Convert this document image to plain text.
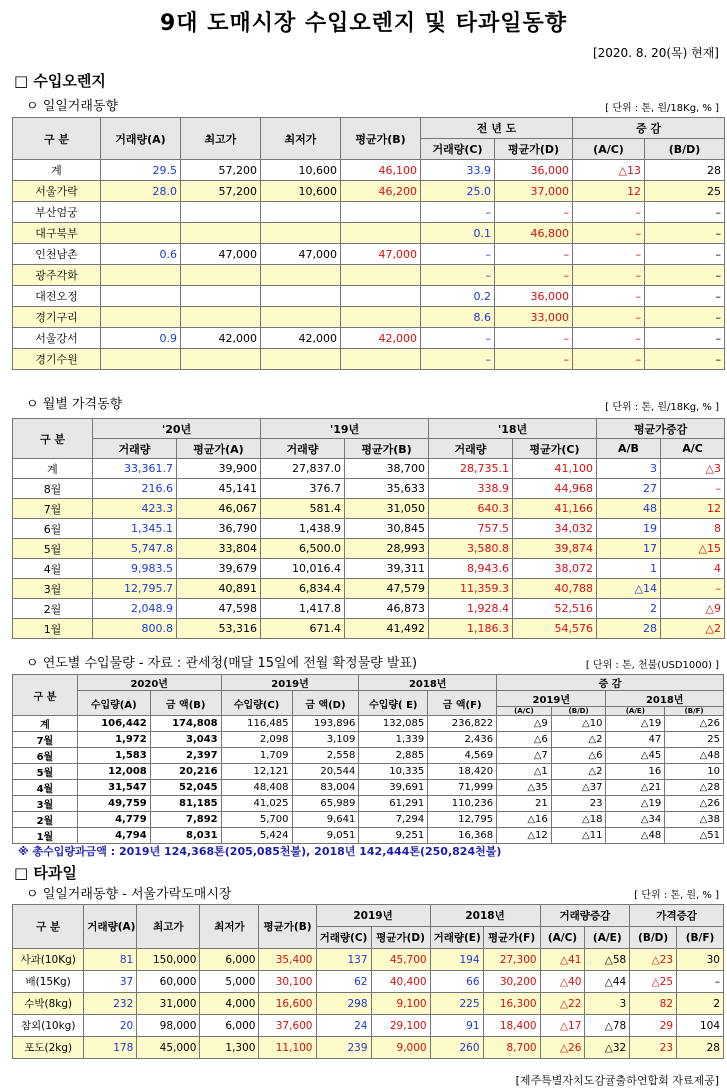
9대 도매시장 수입오렌지 및 타과일동향
[2020. 8. 20(목) 현재]
□ 수입오렌지
ㅇ 일일거래동향	[ 단위 : 톤, 원/18Kg, % ]
구 분	거래량(A)	최고가	최저가	평균가(B)	전 년 도		증 감	
					거래량(C)	평균가(D)	(A/C)	(B/D)
계	29.5	57,200	10,600	46,100	33.9	36,000	△13	28
서울가락	28.0	57,200	10,600	46,200	25.0	37,000	12	25
부산엄궁					–	–	–	–
대구북부					0.1	46,800	–	–
인천남촌	0.6	47,000	47,000	47,000	–	–	–	–
광주각화					–	–	–	–
대전오정					0.2	36,000	–	–
경기구리					8.6	33,000	–	–
서울강서	0.9	42,000	42,000	42,000	–	–	–	–
경기수원					–	–	–	–
ㅇ 월별 가격동향	[ 단위 : 톤, 원/18Kg, % ]
구 분	'20년		'19년		'18년		평균가증감	
	거래량	평균가(A)	거래량	평균가(B)	거래량	평균가(C)	A/B	A/C
계	33,361.7	39,900	27,837.0	38,700	28,735.1	41,100	3	△3
8월	216.6	45,141	376.7	35,633	338.9	44,968	27	–
7월	423.3	46,067	581.4	31,050	640.3	41,166	48	12
6월	1,345.1	36,790	1,438.9	30,845	757.5	34,032	19	8
5월	5,747.8	33,804	6,500.0	28,993	3,580.8	39,874	17	△15
4월	9,983.5	39,679	10,016.4	39,311	8,943.6	38,072	1	4
3월	12,795.7	40,891	6,834.4	47,579	11,359.3	40,788	△14	–
2월	2,048.9	47,598	1,417.8	46,873	1,928.4	52,516	2	△9
1월	800.8	53,316	671.4	41,492	1,186.3	54,576	28	△2
ㅇ 연도별 수입물량 - 자료 : 관세청(매달 15일에 전월 확정물량 발표)	[ 단위 : 톤, 천불(USD1000) ]
구 분	2020년		2019년		2018년		증 감			
	수입량(A)	금 액(B)	수입량(C)	금 액(D)	수입량( E)	금 액(F)	2019년		2018년	
							(A/C)	(B/D)	(A/E)	(B/F)
계	106,442	174,808	116,485	193,896	132,085	236,822	△9	△10	△19	△26
7월	1,972	3,043	2,098	3,109	1,339	2,436	△6	△2	47	25
6월	1,583	2,397	1,709	2,558	2,885	4,569	△7	△6	△45	△48
5월	12,008	20,216	12,121	20,544	10,335	18,420	△1	△2	16	10
4월	31,547	52,045	48,408	83,004	39,691	71,999	△35	△37	△21	△28
3월	49,759	81,185	41,025	65,989	61,291	110,236	21	23	△19	△26
2월	4,779	7,892	5,700	9,641	7,294	12,795	△16	△18	△34	△38
1월	4,794	8,031	5,424	9,051	9,251	16,368	△12	△11	△48	△51
※ 총수입량과금액 : 2019년 124,368톤(205,085천불), 2018년 142,444톤(250,824천불)
□ 타과일
ㅇ 일일거래동향 - 서울가락도매시장	[ 단위 : 톤, 원, % ]
구 분	거래량(A)	최고가	최저가	평균가(B)	2019년		2018년		거래량증감		가격증감	
					거래량(C)	평균가(D)	거래량(E)	평균가(F)	(A/C)	(A/E)	(B/D)	(B/F)
사과(10Kg)	81	150,000	6,000	35,400	137	45,700	194	27,300	△41	△58	△23	30
배(15Kg)	37	60,000	5,000	30,100	62	40,400	66	30,200	△40	△44	△25	–
수박(8kg)	232	31,000	4,000	16,600	298	9,100	225	16,300	△22	3	82	2
참외(10kg)	20	98,000	6,000	37,600	24	29,100	91	18,400	△17	△78	29	104
포도(2kg)	178	45,000	1,300	11,100	239	9,000	260	8,700	△26	△32	23	28
[제주특별자치도감귤출하연합회 자료제공]
